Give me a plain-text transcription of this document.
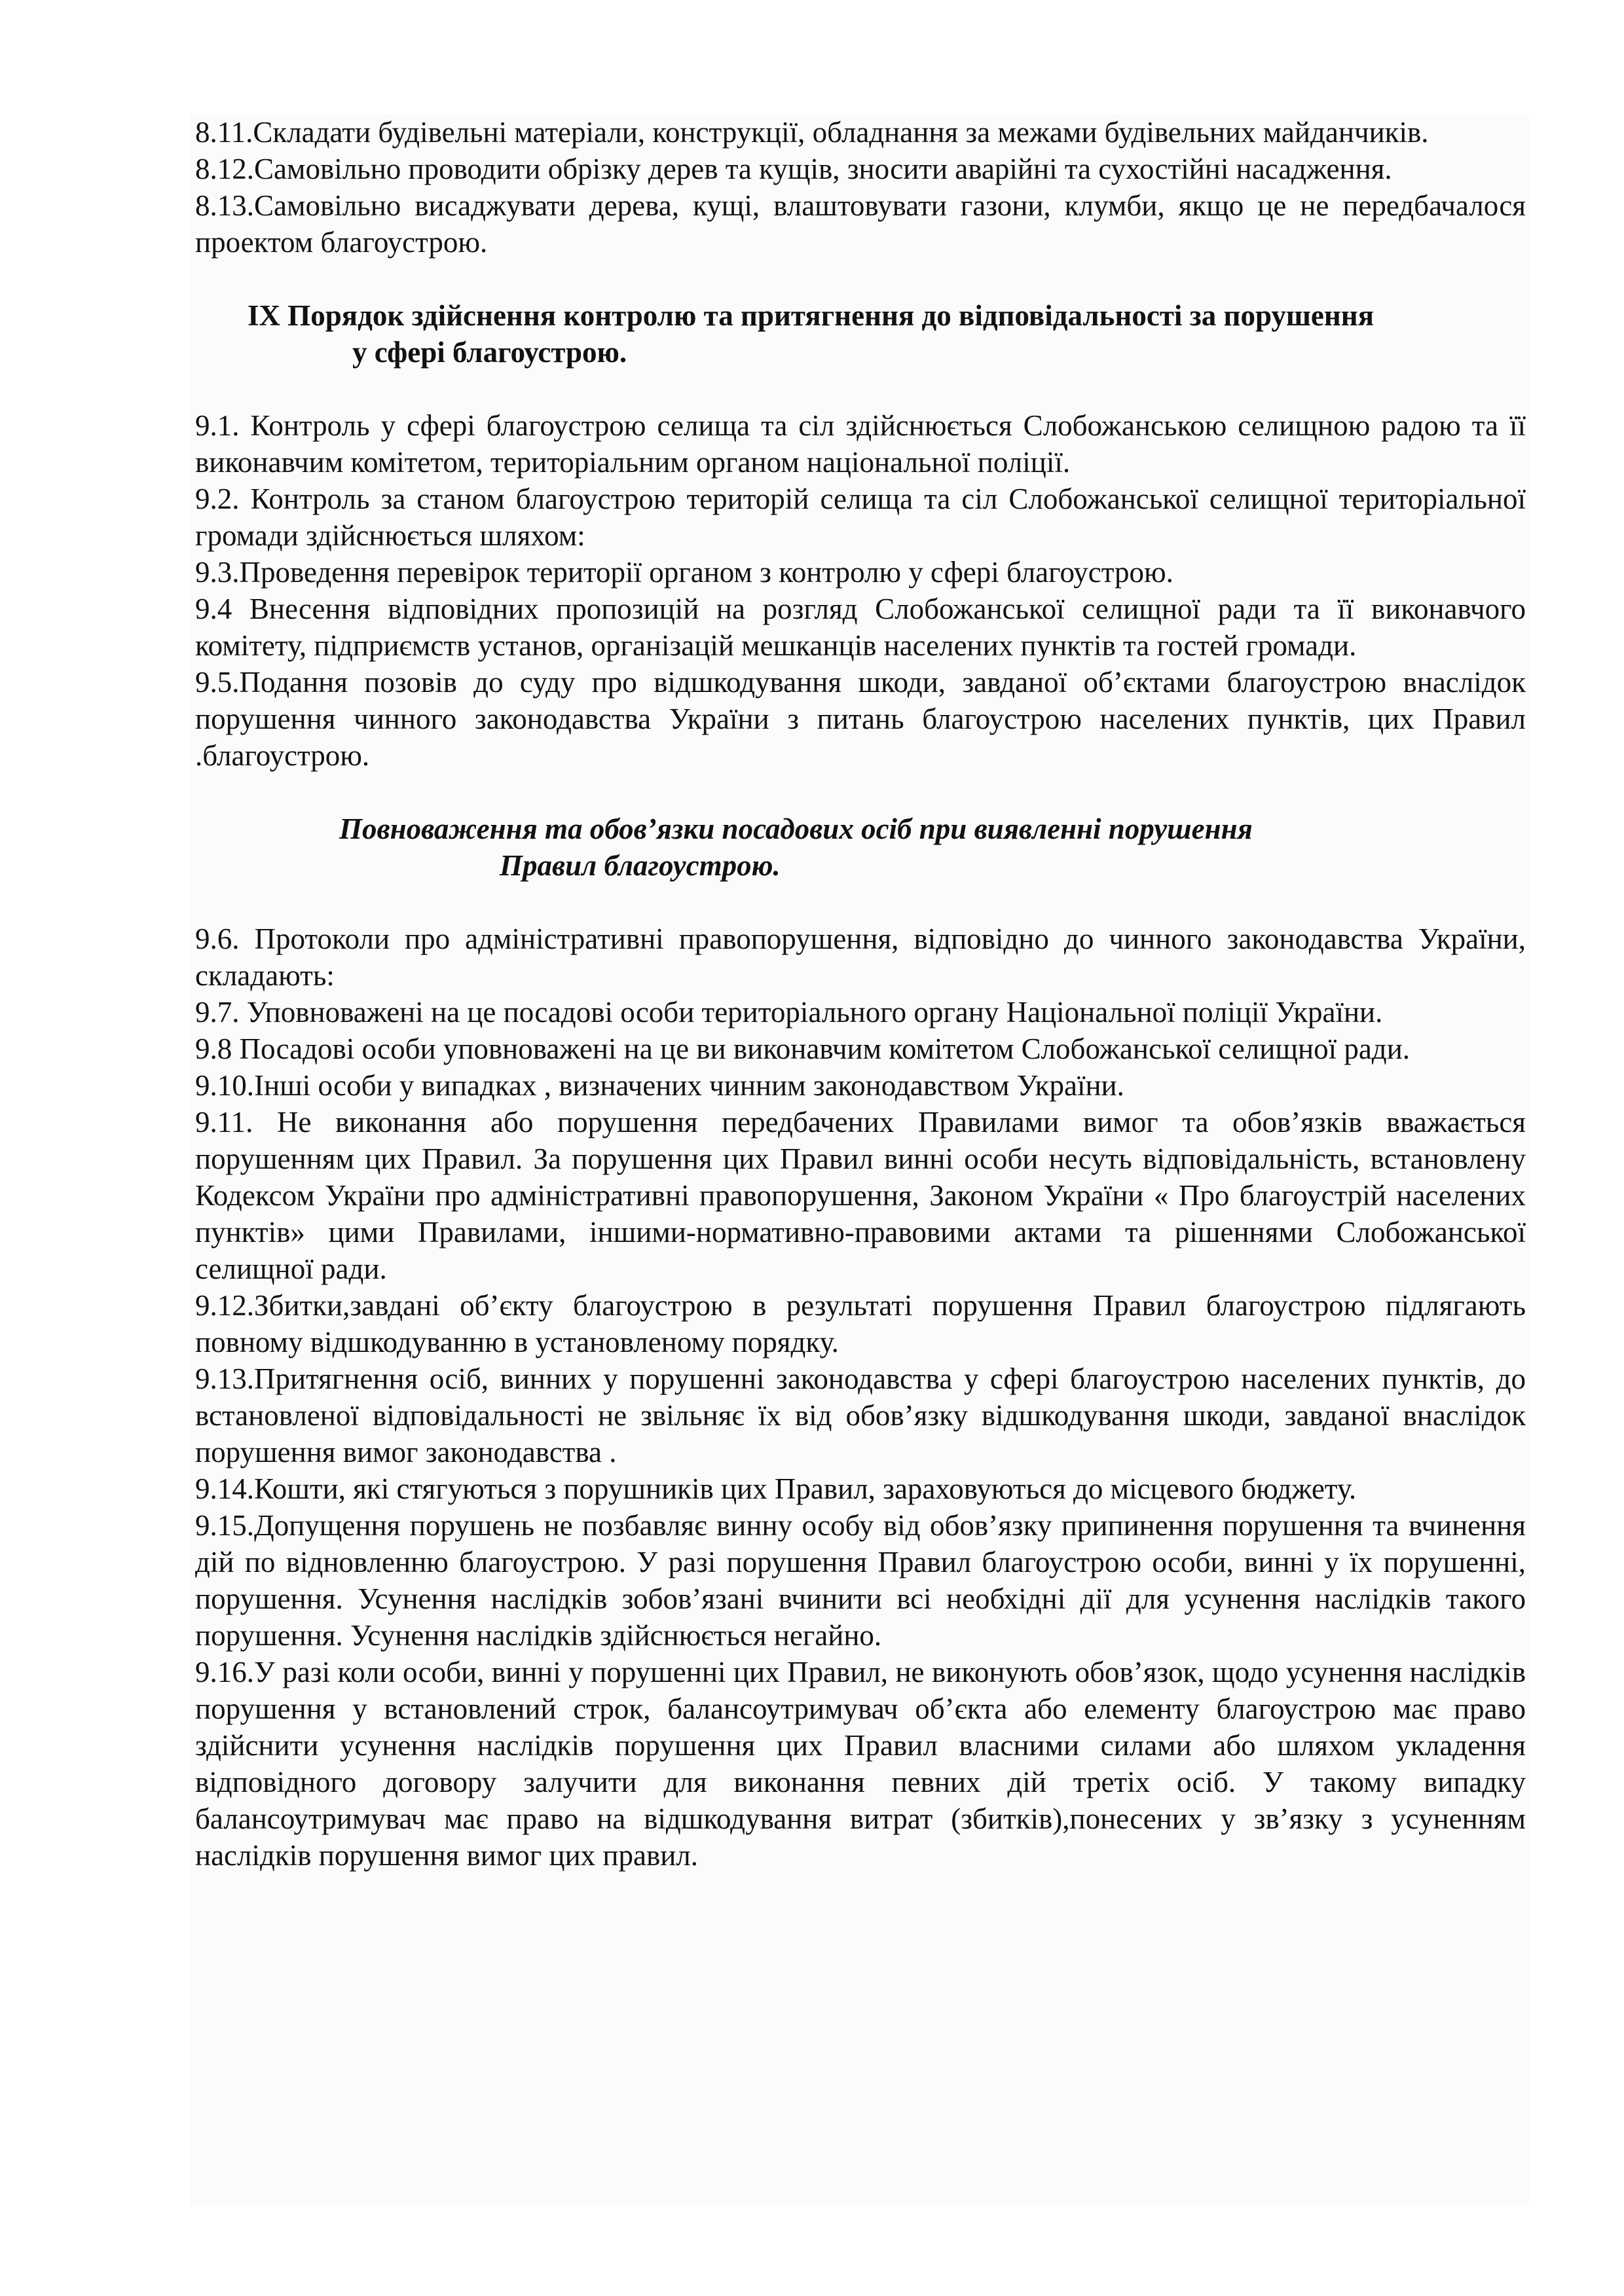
8.11.Складати будівельні матеріали, конструкції, обладнання за межами будівельних майданчиків.

8.12.Самовільно проводити обрізку дерев та кущів, зносити аварійні та сухостійні насадження.

8.13.Самовільно висаджувати дерева, кущі, влаштовувати газони, клумби, якщо це не передбачалося проектом благоустрою.

IX Порядок здійснення контролю та притягнення до відповідальності за порушення
у сфері благоустрою.

9.1. Контроль у сфері благоустрою селища та сіл здійснюється Слобожанською селищною радою та її виконавчим комітетом, територіальним органом національної поліції.

9.2. Контроль за станом благоустрою територій селища та сіл Слобожанської селищної територіальної громади здійснюється шляхом:

9.3.Проведення перевірок території органом з контролю у сфері благоустрою.

9.4 Внесення відповідних пропозицій на розгляд Слобожанської селищної ради та її виконавчого комітету, підприємств установ, організацій мешканців населених пунктів та гостей громади.

9.5.Подання позовів до суду про відшкодування шкоди, завданої об’єктами благоустрою внаслідок порушення чинного законодавства України з питань благоустрою населених пунктів, цих Правил .благоустрою.

Повноваження та обов’язки посадових осіб при виявленні порушення
Правил благоустрою.

9.6. Протоколи про адміністративні правопорушення, відповідно до чинного законодавства України, складають:

9.7. Уповноважені на це посадові особи територіального органу Національної поліції України.

9.8 Посадові особи уповноважені на це ви виконавчим комітетом Слобожанської селищної ради.

9.10.Інші особи у випадках , визначених чинним законодавством України.

9.11. Не виконання або порушення передбачених Правилами вимог та обов’язків вважається порушенням цих Правил. За порушення цих Правил винні особи несуть відповідальність, встановлену Кодексом України про адміністративні правопорушення, Законом України « Про благоустрій населених пунктів» цими Правилами, іншими-нормативно-правовими актами та рішеннями Слобожанської селищної ради.

9.12.Збитки,завдані об’єкту благоустрою в результаті порушення Правил благоустрою підлягають повному відшкодуванню в установленому порядку.

9.13.Притягнення осіб, винних у порушенні законодавства у сфері благоустрою населених пунктів, до встановленої відповідальності не звільняє їх від обов’язку відшкодування шкоди, завданої внаслідок порушення вимог законодавства .

9.14.Кошти, які стягуються з порушників цих Правил, зараховуються до місцевого бюджету.

9.15.Допущення порушень не позбавляє винну особу від обов’язку припинення порушення та вчинення дій по відновленню благоустрою. У разі порушення Правил благоустрою особи, винні у їх порушенні, порушення. Усунення наслідків зобов’язані вчинити всі необхідні дії для усунення наслідків такого порушення. Усунення наслідків здійснюється негайно.

9.16.У разі коли особи, винні у порушенні цих Правил, не виконують обов’язок, щодо усунення наслідків порушення у встановлений строк, балансоутримувач об’єкта або елементу благоустрою має право здійснити усунення наслідків порушення цих Правил власними силами або шляхом укладення відповідного договору залучити для виконання певних дій третіх осіб. У такому випадку балансоутримувач має право на відшкодування витрат (збитків),понесених у зв’язку з усуненням наслідків порушення вимог цих правил.
